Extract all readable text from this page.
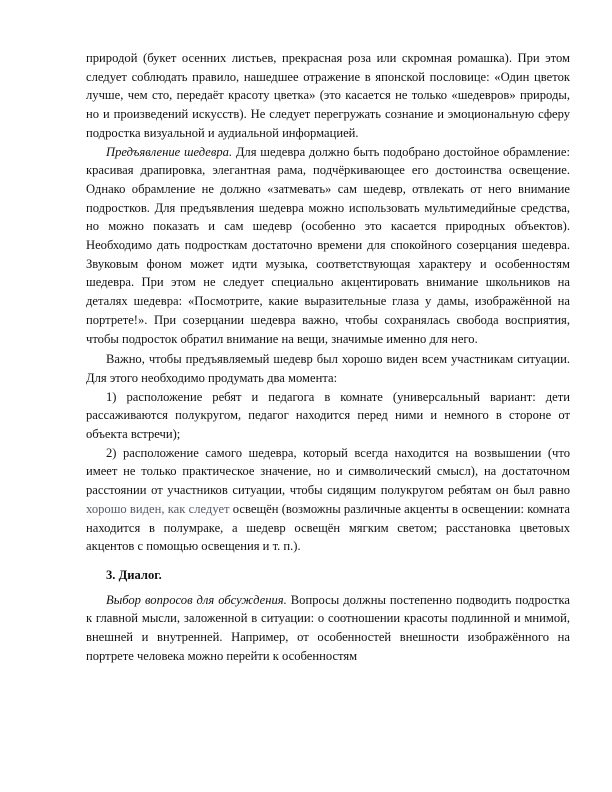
природой (букет осенних листьев, прекрасная роза или скромная ромашка). При этом следует соблюдать правило, нашедшее отражение в японской пословице: «Один цветок лучше, чем сто, передаёт красоту цветка» (это касается не только «шедевров» природы, но и произведений искусств). Не следует перегружать сознание и эмоциональную сферу подростка визуальной и аудиальной информацией.

Предъявление шедевра. Для шедевра должно быть подобрано достойное обрамление: красивая драпировка, элегантная рама, подчёркивающее его достоинства освещение. Однако обрамление не должно «затмевать» сам шедевр, отвлекать от него внимание подростков. Для предъявления шедевра можно использовать мультимедийные средства, но можно показать и сам шедевр (особенно это касается природных объектов). Необходимо дать подросткам достаточно времени для спокойного созерцания шедевра. Звуковым фоном может идти музыка, соответствующая характеру и особенностям шедевра. При этом не следует специально акцентировать внимание школьников на деталях шедевра: «Посмотрите, какие выразительные глаза у дамы, изображённой на портрете!». При созерцании шедевра важно, чтобы сохранялась свобода восприятия, чтобы подросток обратил внимание на вещи, значимые именно для него.

Важно, чтобы предъявляемый шедевр был хорошо виден всем участникам ситуации. Для этого необходимо продумать два момента:

1) расположение ребят и педагога в комнате (универсальный вариант: дети рассаживаются полукругом, педагог находится перед ними и немного в стороне от объекта встречи);

2) расположение самого шедевра, который всегда находится на возвышении (что имеет не только практическое значение, но и символический смысл), на достаточном расстоянии от участников ситуации, чтобы сидящим полукругом ребятам он был равно хорошо виден, как следует освещён (возможны различные акценты в освещении: комната находится в полумраке, а шедевр освещён мягким светом; расстановка цветовых акцентов с помощью освещения и т. п.).

3. Диалог.

Выбор вопросов для обсуждения. Вопросы должны постепенно подводить подростка к главной мысли, заложенной в ситуации: о соотношении красоты подлинной и мнимой, внешней и внутренней. Например, от особенностей внешности изображённого на портрете человека можно перейти к особенностям
